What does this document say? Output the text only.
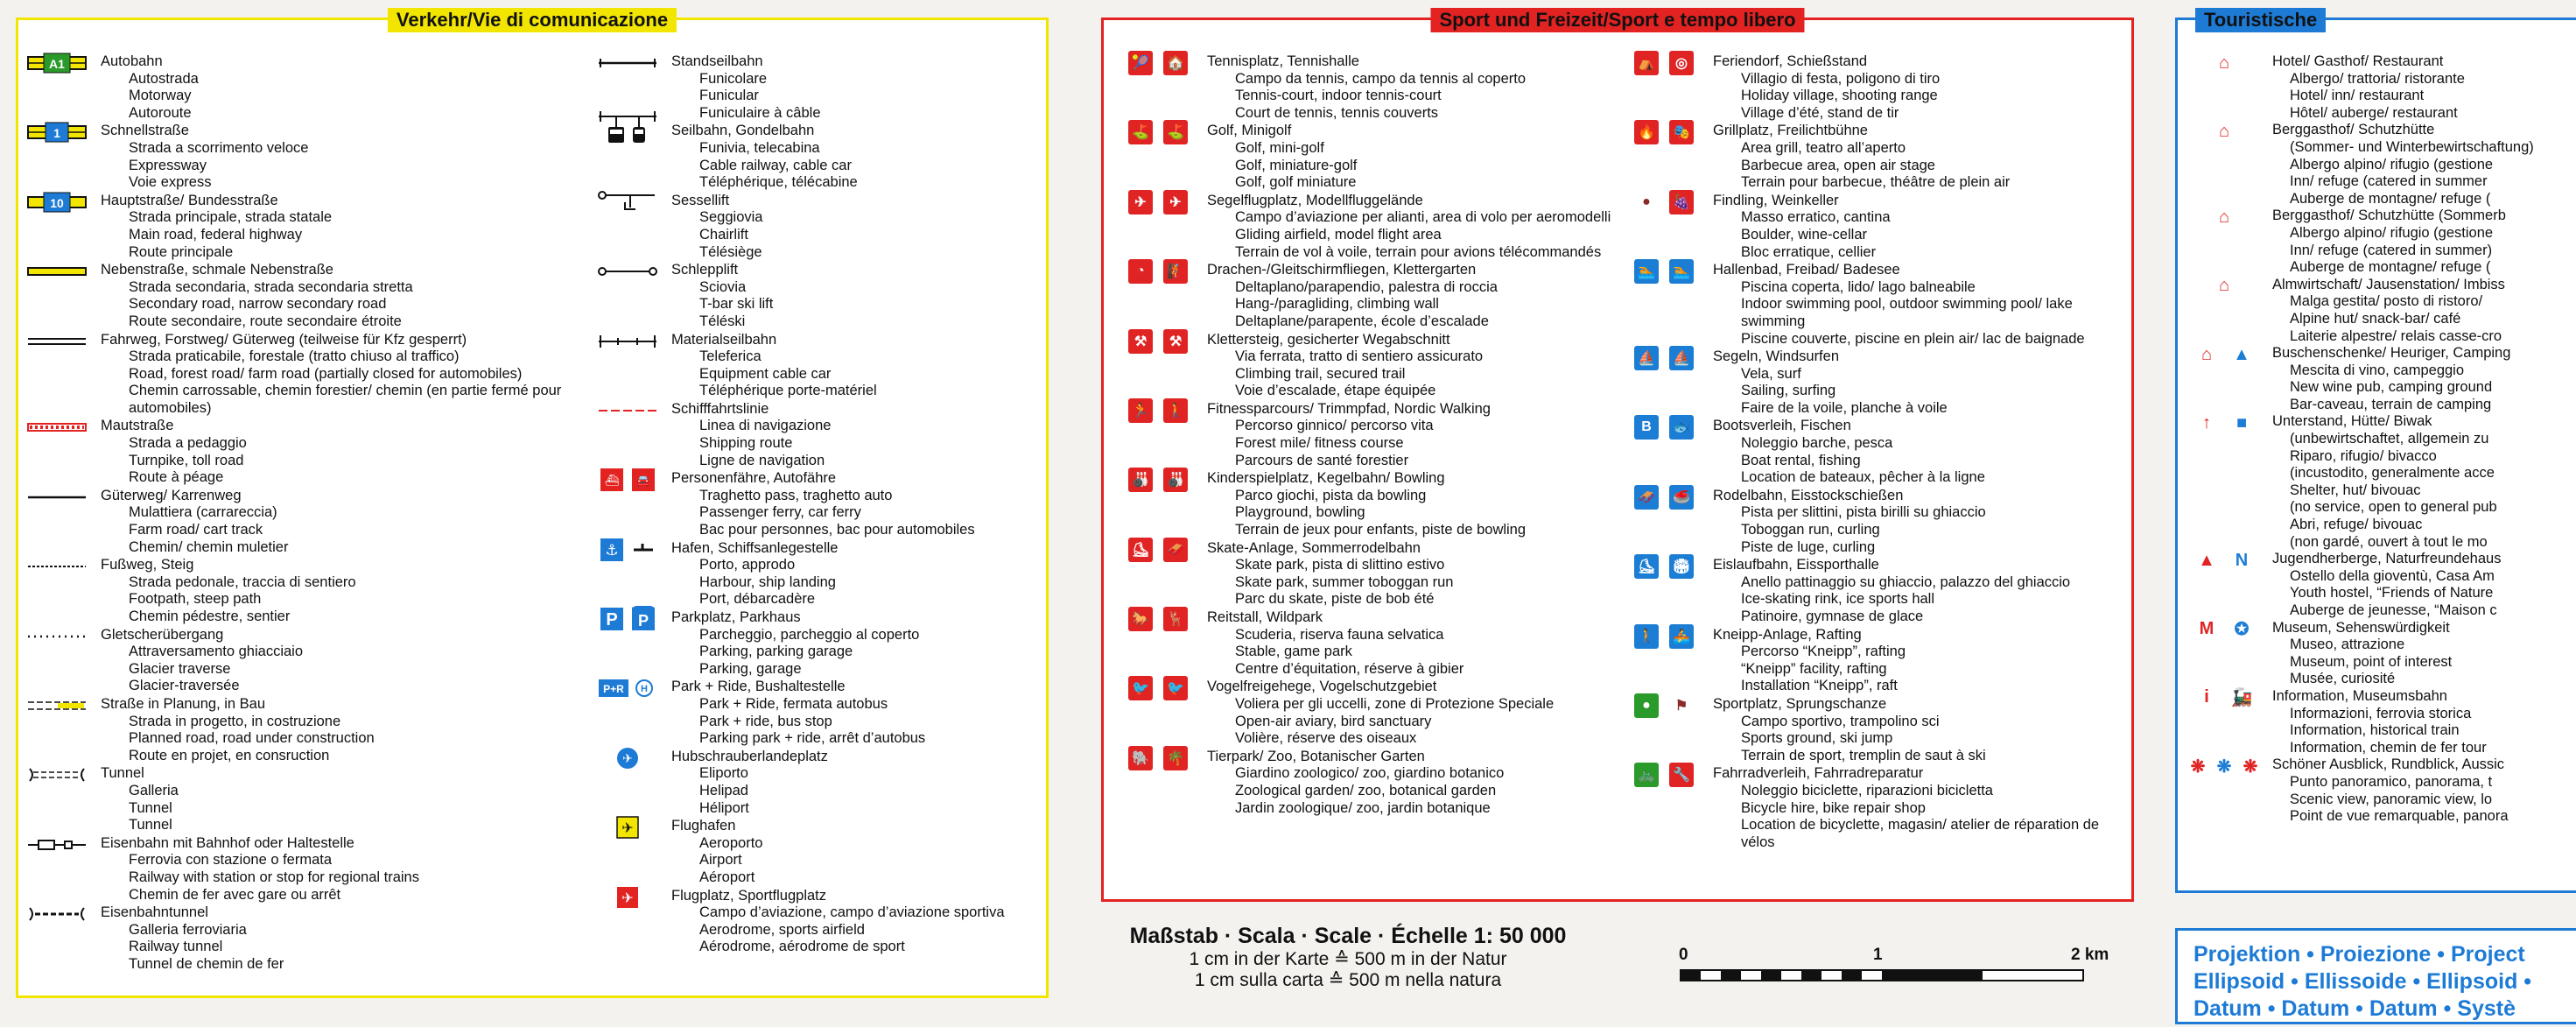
Verkehr/Vie di comunicazione
A1 Autobahn
Autostrada
Motorway
Autoroute
1	Schnellstraße
Strada a scorrimento veloce
Expressway
Voie express
10	Hauptstraße/ Bundesstraße
Strada principale, strada statale
Main road, federal highway
Route principale
Nebenstraße, schmale Nebenstraße
Strada secondaria, strada secondaria stretta
Secondary road, narrow secondary road
Route secondaire, route secondaire étroite
Fahrweg, Forstweg/ Güterweg (teilweise für Kfz gesperrt)
Strada praticabile, forestale (tratto chiuso al traffico)
Road, forest road/ farm road (partially closed for automobiles)
Chemin carrossable, chemin forestier/ chemin (en partie fermé pour automobiles)
Mautstraße
Strada a pedaggio
Turnpike, toll road
Route à péage
Güterweg/ Karrenweg
Mulattiera (carrareccia)
Farm road/ cart track
Chemin/ chemin muletier
Fußweg, Steig
Strada pedonale, traccia di sentiero
Footpath, steep path
Chemin pédestre, sentier
Gletscherübergang
Attraversamento ghiacciaio
Glacier traverse
Glacier-traversée
Straße in Planung, in Bau
Strada in progetto, in costruzione
Planned road, road under construction
Route en projet, en consruction
Tunnel
Galleria
Tunnel
Tunnel
Eisenbahn mit Bahnhof oder Haltestelle
Ferrovia con stazione o fermata
Railway with station or stop for regional trains
Chemin de fer avec gare ou arrêt
Eisenbahntunnel
Galleria ferroviaria
Railway tunnel
Tunnel de chemin de fer
Standseilbahn
Funicolare
Funicular
Funiculaire à câble
Seilbahn, Gondelbahn
Funivia, telecabina
Cable railway, cable car
Téléphérique, télécabine
Sessellift
Seggiovia
Chairlift
Télésiège
Schlepplift
Sciovia
T-bar ski lift
Téléski
Materialseilbahn
Teleferica
Equipment cable car
Téléphérique porte-matériel
Schifffahrtslinie
Linea di navigazione
Shipping route
Ligne de navigation
⛴ 🚘 Personenfähre, Autofähre
Traghetto pass, traghetto auto
Passenger ferry, car ferry
Bac pour personnes, bac pour automobiles
⚓	Hafen, Schiffsanlegestelle
Porto, approdo
Harbour, ship landing
Port, débarcadère
P P Parkplatz, Parkhaus
Parcheggio, parcheggio al coperto
Parking, parking garage
Parking, garage
P+R H Park + Ride, Bushaltestelle
Park + Ride, fermata autobus
Park + ride, bus stop
Parking park + ride, arrêt d’autobus
✈	Hubschrauberlandeplatz
Eliporto
Helipad
Héliport
✈	Flughafen
Aeroporto
Airport
Aéroport
✈	Flugplatz, Sportflugplatz
Campo d’aviazione, campo d’aviazione sportiva
Aerodrome, sports airfield
Aérodrome, aérodrome de sport
Sport und Freizeit/Sport e tempo libero
🎾 🏠 Tennisplatz, Tennishalle
Campo da tennis, campo da tennis al coperto
Tennis-court, indoor tennis-court
Court de tennis, tennis couverts
⛳ ⛳ Golf, Minigolf
Golf, mini-golf
Golf, miniature-golf
Golf, golf miniature
✈	✈	Segelflugplatz, Modellfluggelände
Campo d’aviazione per alianti, area di volo per aeromodelli
Gliding airfield, model flight area
Terrain de vol à voile, terrain pour avions télécommandés
◔	🧗 Drachen-/Gleitschirmfliegen, Klettergarten
Deltaplano/parapendio, palestra di roccia
Hang-/paragliding, climbing wall
Deltaplane/parapente, école d’escalade
⚒	⚒	Klettersteig, gesicherter Wegabschnitt
Via ferrata, tratto di sentiero assicurato
Climbing trail, secured trail
Voie d’escalade, étape équipée
🏃 🚶 Fitnessparcours/ Trimmpfad, Nordic Walking
Percorso ginnico/ percorso vita
Forest mile/ fitness course
Parcours de santé forestier
🎳 🎳 Kinderspielplatz, Kegelbahn/ Bowling
Parco giochi, pista da bowling
Playground, bowling
Terrain de jeux pour enfants, piste de bowling
⛸ 🛷 Skate-Anlage, Sommerrodelbahn
Skate park, pista di slittino estivo
Skate park, summer toboggan run
Parc du skate, piste de bob été
🐎 🦌 Reitstall, Wildpark
Scuderia, riserva fauna selvatica
Stable, game park
Centre d’équitation, réserve à gibier
🐦 🐦 Vogelfreigehege, Vogelschutzgebiet
Voliera per gli uccelli, zone di Protezione Speciale
Open-air aviary, bird sanctuary
Volière, réserve des oiseaux
🐘 🌴 Tierpark/ Zoo, Botanischer Garten
Giardino zoologico/ zoo, giardino botanico
Zoological garden/ zoo, botanical garden
Jardin zoologique/ zoo, jardin botanique
⛺	◎	Feriendorf, Schießstand
Villagio di festa, poligono di tiro
Holiday village, shooting range
Village d’été, stand de tir
🔥 🎭 Grillplatz, Freilichtbühne
Area grill, teatro all’aperto
Barbecue area, open air stage
Terrain pour barbecue, théâtre de plein air
●	🍇 Findling, Weinkeller
Masso erratico, cantina
Boulder, wine-cellar
Bloc erratique, cellier
🏊 🏊 Hallenbad, Freibad/ Badesee
Piscina coperta, lido/ lago balneabile
Indoor swimming pool, outdoor swimming pool/ lake swimming
Piscine couverte, piscine en plein air/ lac de baignade
⛵ ⛵ Segeln, Windsurfen
Vela, surf
Sailing, surfing
Faire de la voile, planche à voile
B	🐟 Bootsverleih, Fischen
Noleggio barche, pesca
Boat rental, fishing
Location de bateaux, pêcher à la ligne
🛷 🥌 Rodelbahn, Eisstockschießen
Pista per slittini, pista birilli su ghiaccio
Toboggan run, curling
Piste de luge, curling
⛸ 🏟 Eislaufbahn, Eissporthalle
Anello pattinaggio su ghiaccio, palazzo del ghiaccio
Ice-skating rink, ice sports hall
Patinoire, gymnase de glace
🚶 🚣 Kneipp-Anlage, Rafting
Percorso “Kneipp”, rafting
“Kneipp” facility, rafting
Installation “Kneipp”, raft
●	⚑	Sportplatz, Sprungschanze
Campo sportivo, trampolino sci
Sports ground, ski jump
Terrain de sport, tremplin de saut à ski
🚲 🔧 Fahrradverleih, Fahrradreparatur
Noleggio biciclette, riparazioni bicicletta
Bicycle hire, bike repair shop
Location de bicyclette, magasin/ atelier de réparation de vélos
Touristische
⌂	Hotel/ Gasthof/ Restaurant
Albergo/ trattoria/ ristorante
Hotel/ inn/ restaurant
Hôtel/ auberge/ restaurant
⌂	Berggasthof/ Schutzhütte
(Sommer- und Winterbewirtschaftung)
Albergo alpino/ rifugio (gestione
Inn/ refuge (catered in summer
Auberge de montagne/ refuge (
⌂	Berggasthof/ Schutzhütte (Sommerb
Albergo alpino/ rifugio (gestione
Inn/ refuge (catered in summer)
Auberge de montagne/ refuge (
⌂	Almwirtschaft/ Jausenstation/ Imbiss
Malga gestita/ posto di ristoro/
Alpine hut/ snack-bar/ café
Laiterie alpestre/ relais casse-cro
⌂	▲ Buschenschenke/ Heuriger, Camping
Mescita di vino, campeggio
New wine pub, camping ground
Bar-caveau, terrain de camping
↑	■	Unterstand, Hütte/ Biwak
(unbewirtschaftet, allgemein zu
Riparo, rifugio/ bivacco
(incustodito, generalmente acce
Shelter, hut/ bivouac
(no service, open to general pub
Abri, refuge/ bivouac
(non gardé, ouvert à tout le mo
▲	N	Jugendherberge, Naturfreundehaus
Ostello della gioventù, Casa Am
Youth hostel, “Friends of Nature
Auberge de jeunesse, “Maison c
M ✪	Museum, Sehenswürdigkeit
Museo, attrazione
Museum, point of interest
Musée, curiosité
i	🚂 Information, Museumsbahn
Informazioni, ferrovia storica
Information, historical train
Information, chemin de fer tour
❋ ❋ ❋ Schöner Ausblick, Rundblick, Aussic
Punto panoramico, panorama, t
Scenic view, panoramic view, lo
Point de vue remarquable, panora
Maßstab · Scala · Scale · Échelle 1: 50 000
1 cm in der Karte ≙ 500 m in der Natur
1 cm sulla carta ≙ 500 m nella natura
0	1	2 km	Projektion • Proiezione • Project
Ellipsoid • Ellissoide • Ellipsoid •
Datum • Datum • Datum • Systè
